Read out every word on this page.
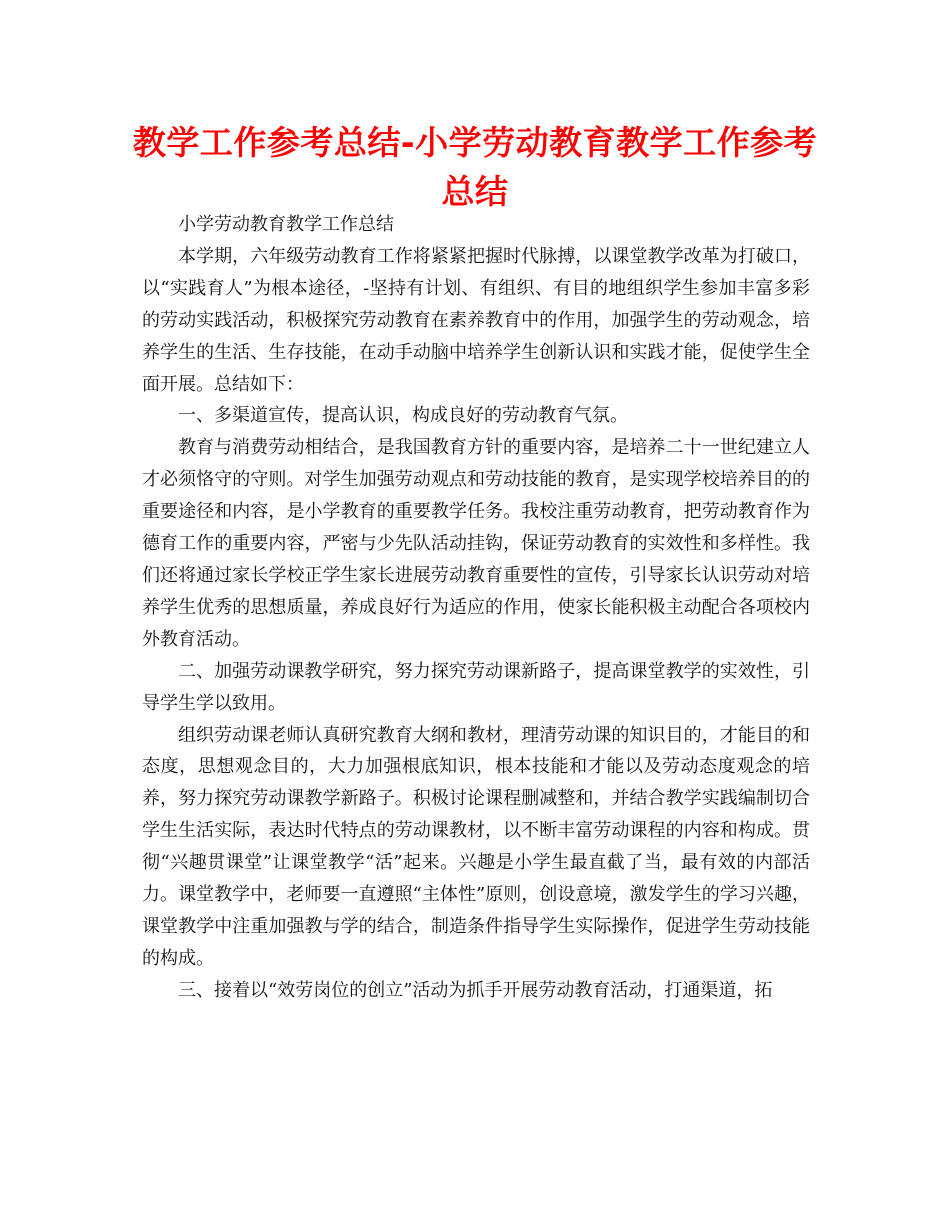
教学工作参考总结-小学劳动教育教学工作参考总结

小学劳动教育教学工作总结

本学期，六年级劳动教育工作将紧紧把握时代脉搏，以课堂教学改革为打破口，以“实践育人”为根本途径，-坚持有计划、有组织、有目的地组织学生参加丰富多彩的劳动实践活动，积极探究劳动教育在素养教育中的作用，加强学生的劳动观念，培养学生的生活、生存技能，在动手动脑中培养学生创新认识和实践才能，促使学生全面开展。总结如下：

一、多渠道宣传，提高认识，构成良好的劳动教育气氛。

教育与消费劳动相结合，是我国教育方针的重要内容，是培养二十一世纪建立人才必须恪守的守则。对学生加强劳动观点和劳动技能的教育，是实现学校培养目的的重要途径和内容，是小学教育的重要教学任务。我校注重劳动教育，把劳动教育作为德育工作的重要内容，严密与少先队活动挂钩，保证劳动教育的实效性和多样性。我们还将通过家长学校正学生家长进展劳动教育重要性的宣传，引导家长认识劳动对培养学生优秀的思想质量，养成良好行为适应的作用，使家长能积极主动配合各项校内外教育活动。

二、加强劳动课教学研究，努力探究劳动课新路子，提高课堂教学的实效性，引导学生学以致用。

组织劳动课老师认真研究教育大纲和教材，理清劳动课的知识目的，才能目的和态度，思想观念目的，大力加强根底知识，根本技能和才能以及劳动态度观念的培养，努力探究劳动课教学新路子。积极讨论课程删减整和，并结合教学实践编制切合学生生活实际，表达时代特点的劳动课教材，以不断丰富劳动课程的内容和构成。贯彻“兴趣贯课堂”让课堂教学“活”起来。兴趣是小学生最直截了当，最有效的内部活力。课堂教学中，老师要一直遵照“主体性”原则，创设意境，激发学生的学习兴趣，课堂教学中注重加强教与学的结合，制造条件指导学生实际操作，促进学生劳动技能的构成。

三、接着以“效劳岗位的创立”活动为抓手开展劳动教育活动，打通渠道，拓
